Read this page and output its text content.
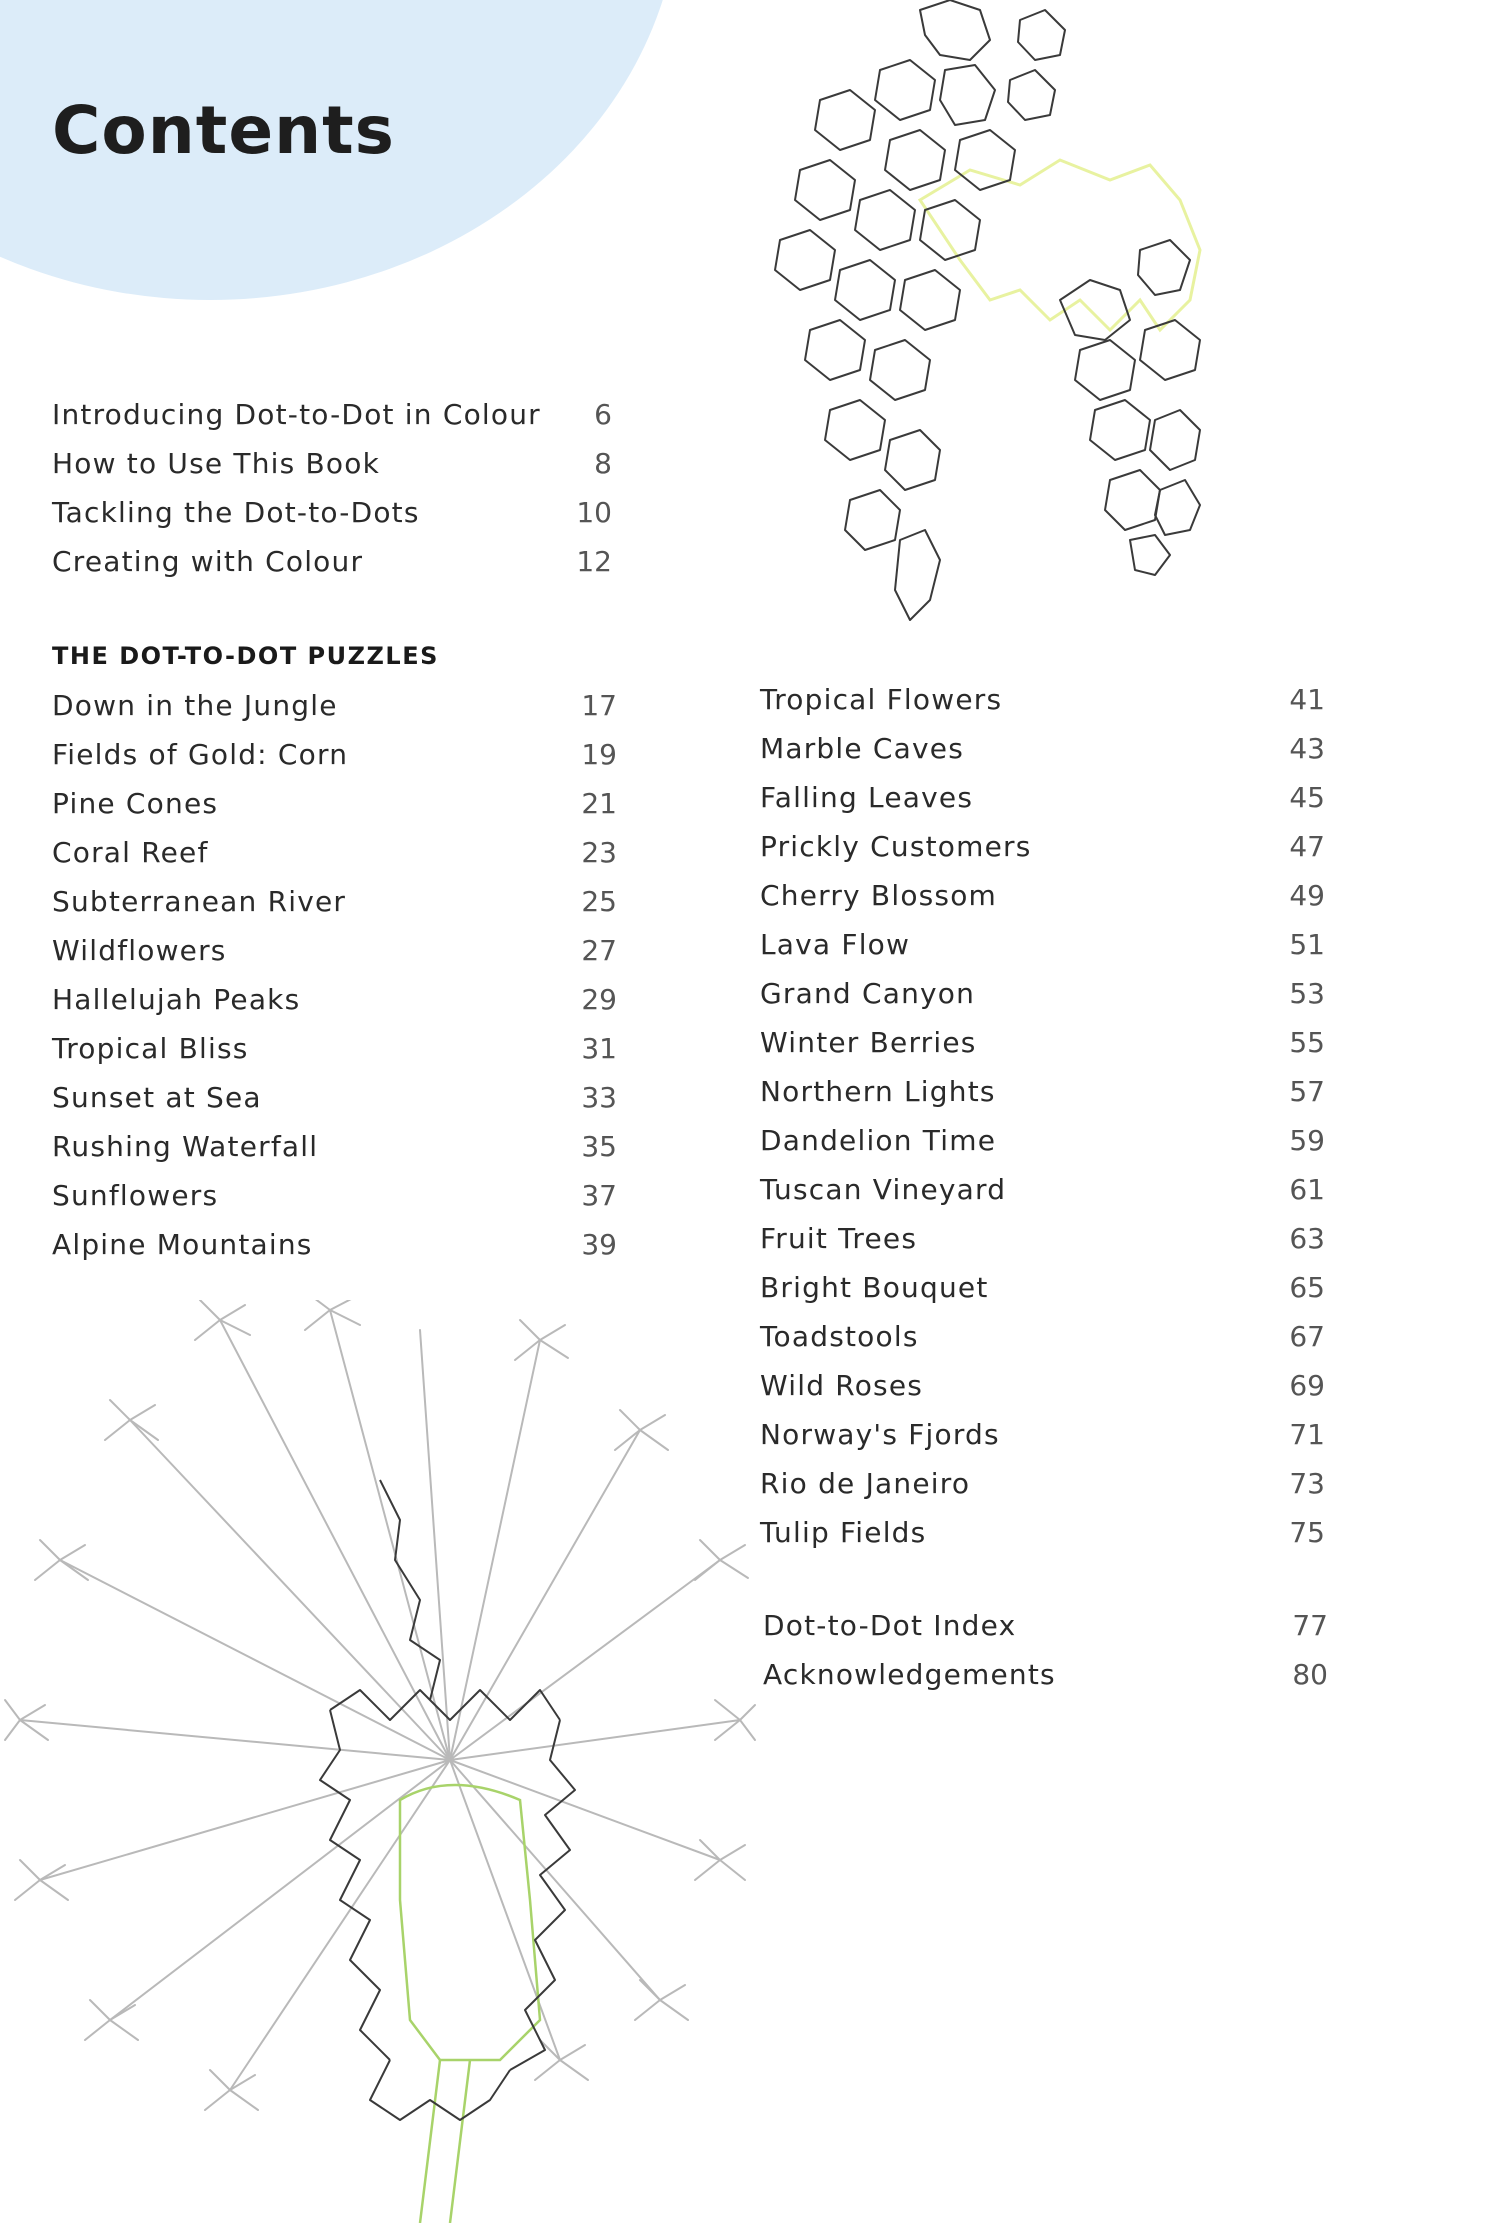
Contents
Introducing Dot-to-Dot in Colour	6
How to Use This Book	8
Tackling the Dot-to-Dots	10
Creating with Colour	12
THE DOT-TO-DOT PUZZLES
Down in the Jungle	17
Fields of Gold: Corn	19
Pine Cones	21
Coral Reef	23
Subterranean River	25
Wildflowers	27
Hallelujah Peaks	29
Tropical Bliss	31
Sunset at Sea	33
Rushing Waterfall	35
Sunflowers	37
Alpine Mountains	39
Tropical Flowers	41
Marble Caves	43
Falling Leaves	45
Prickly Customers	47
Cherry Blossom	49
Lava Flow	51
Grand Canyon	53
Winter Berries	55
Northern Lights	57
Dandelion Time	59
Tuscan Vineyard	61
Fruit Trees	63
Bright Bouquet	65
Toadstools	67
Wild Roses	69
Norway's Fjords	71
Rio de Janeiro	73
Tulip Fields	75
Dot-to-Dot Index	77
Acknowledgements	80
